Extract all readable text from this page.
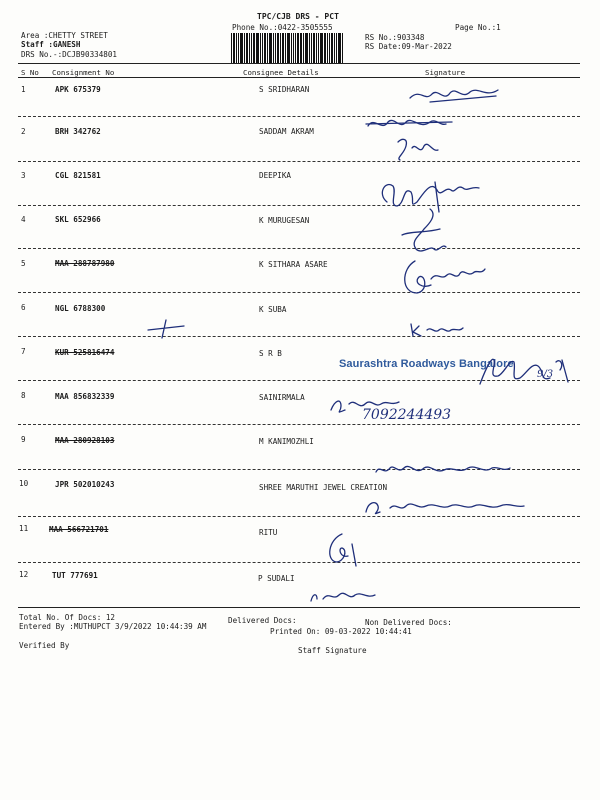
TPC/CJB DRS - PCT
Phone No.:0422-3505555	Page No.:1
Area :CHETTY STREET
Staff :GANESH
DRS No.-:DCJB90334801
RS No.:903348
RS Date:09-Mar-2022
S No Consignment No	Consignee Details	Signature
1	APK 675379	S SRIDHARAN
2	BRH 342762	SADDAM AKRAM
3	CGL 821581	DEEPIKA
4	SKL 652966	K MURUGESAN
5	MAA 288787980	K SITHARA ASARE
6	NGL 6788300	K SUBA
7	KUR 525816474	S R B
8	MAA 856832339	SAINIRMALA
9	MAA 280928103	M KANIMOZHLI
10	JPR 502010243	SHREE MARUTHI JEWEL CREATION
11	MAA 566721701	RITU
12	TUT 777691	P SUDALI
Saurashtra Roadways Bangalore
9/3
7092244493
Total No. Of Docs: 12	Delivered Docs:	Non Delivered Docs:
Entered By :MUTHUPCT 3/9/2022 10:44:39 AM
Printed On: 09-03-2022 10:44:41
Verified By
Staff Signature
